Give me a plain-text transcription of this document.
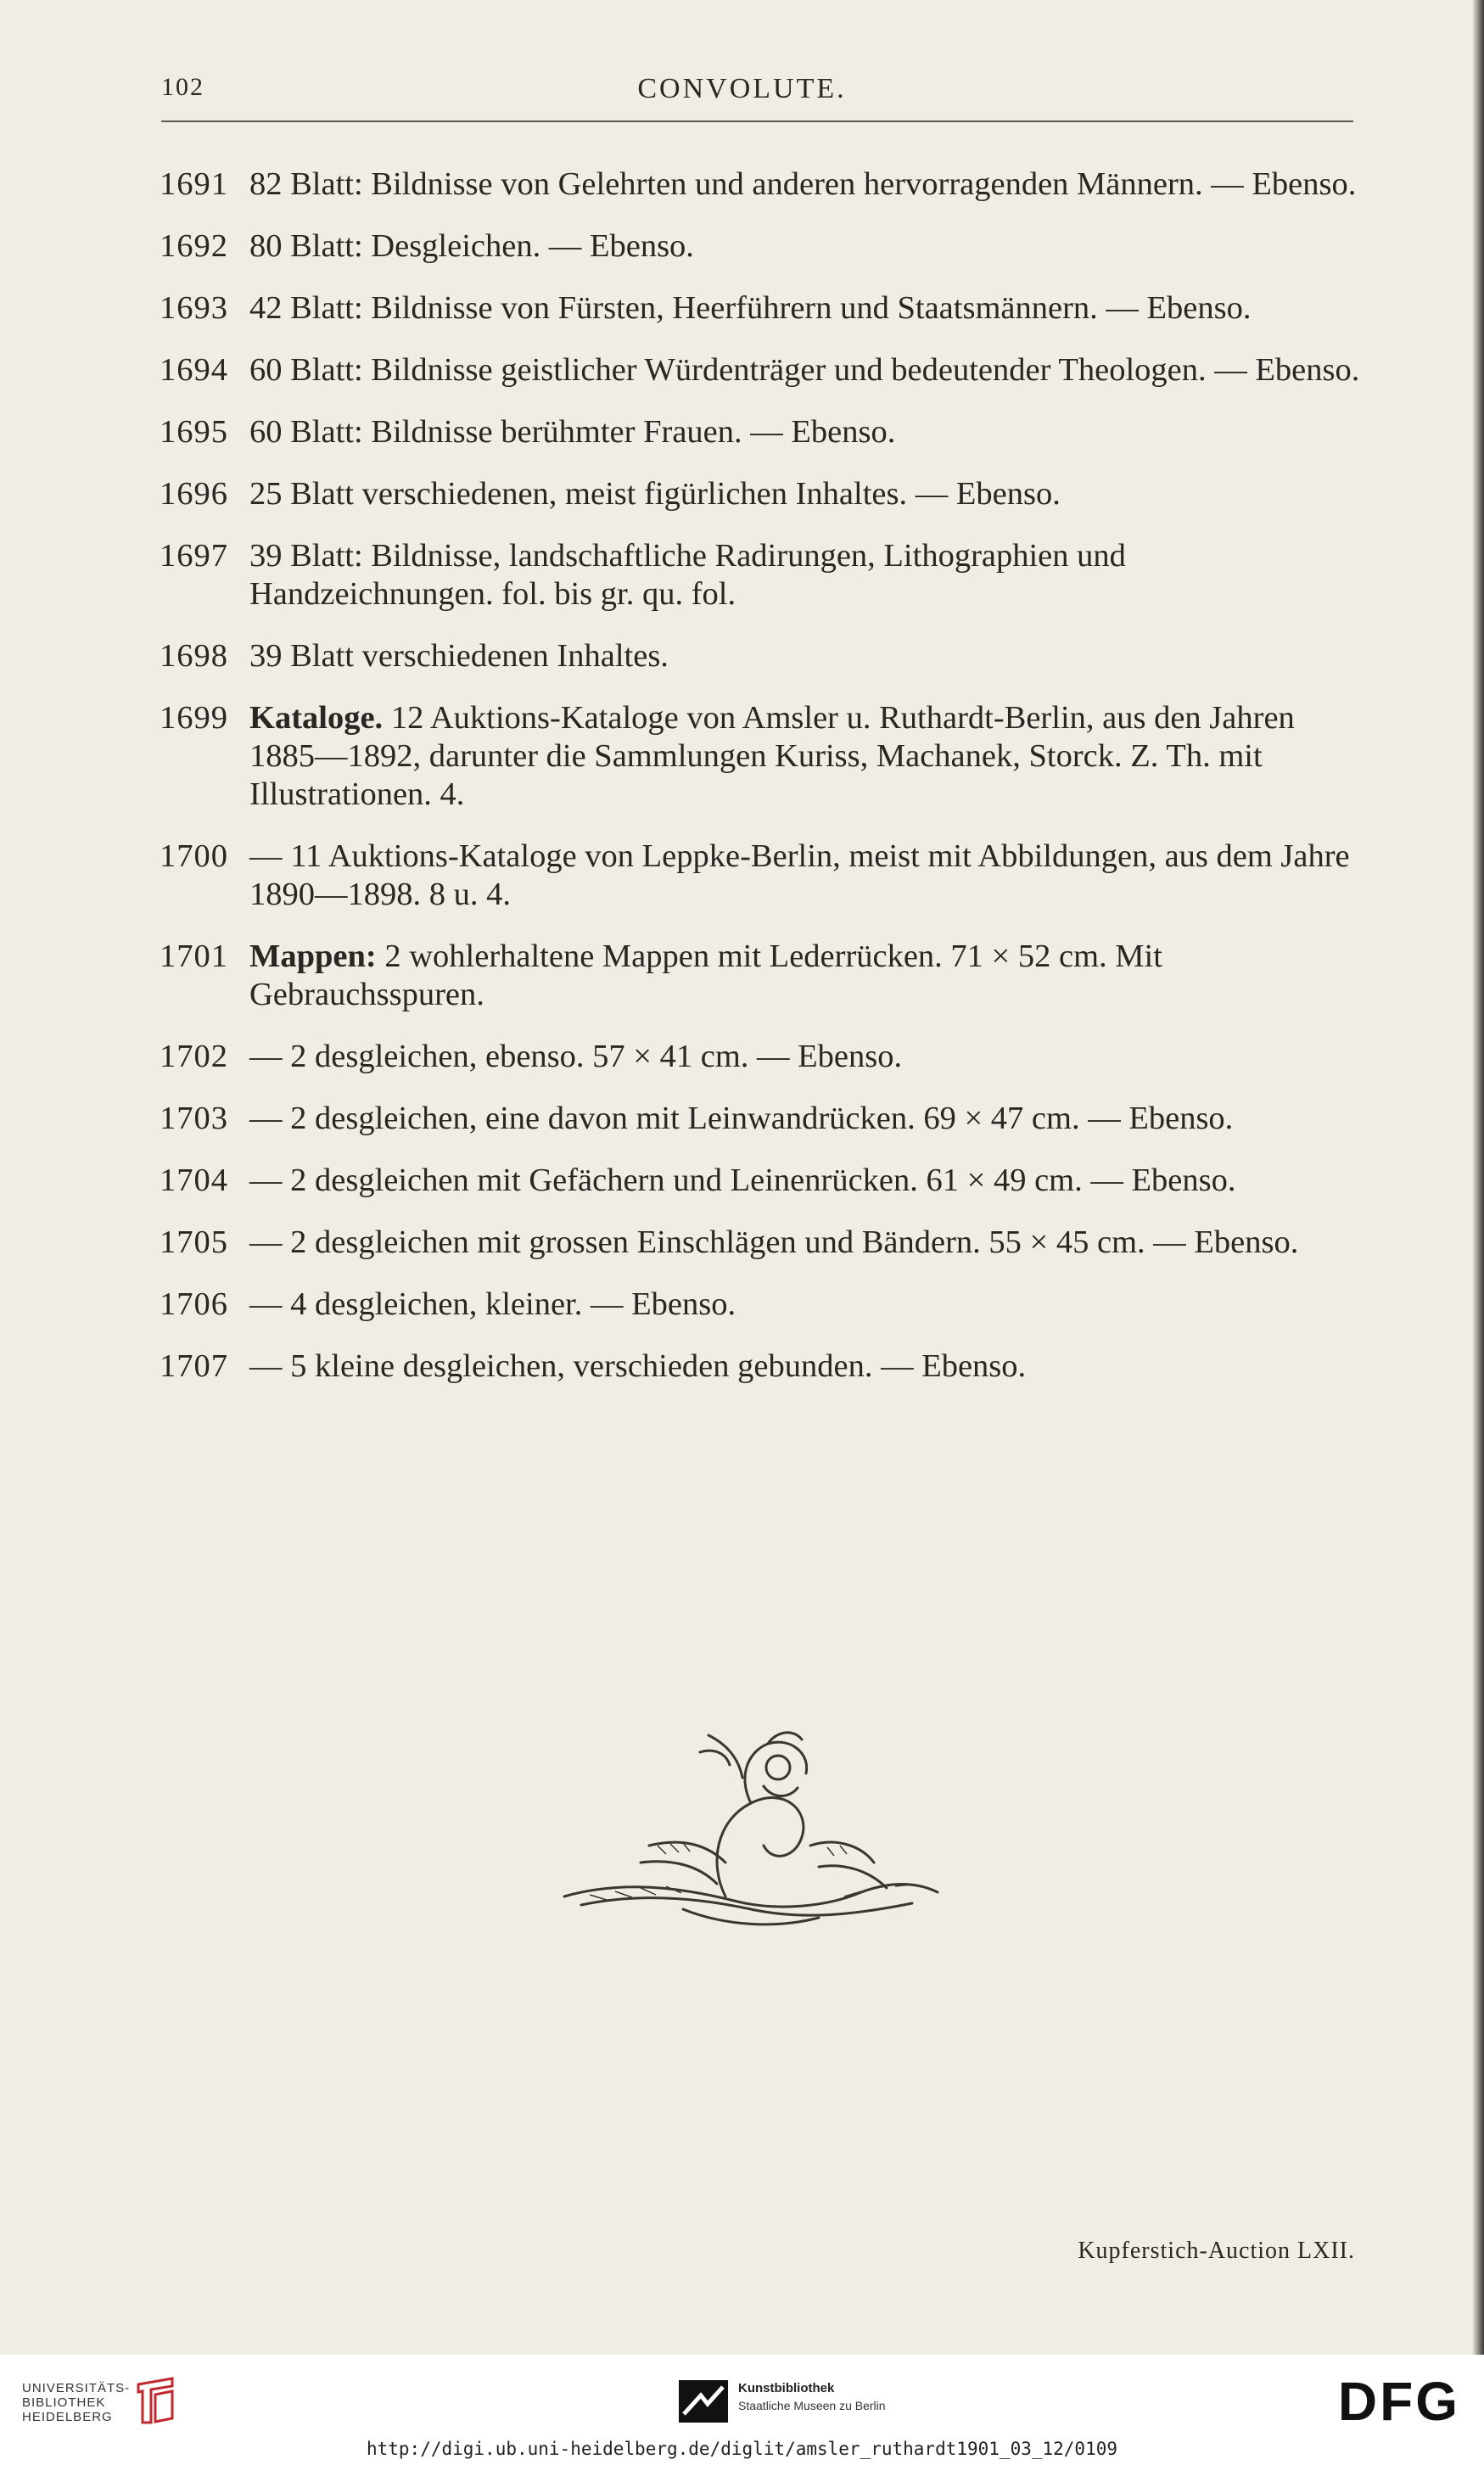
102	CONVOLUTE.
1691 82 Blatt: Bildnisse von Gelehrten und anderen hervorragenden Männern. — Ebenso.
1692 80 Blatt: Desgleichen. — Ebenso.
1693 42 Blatt: Bildnisse von Fürsten, Heerführern und Staatsmännern. — Ebenso.
1694 60 Blatt: Bildnisse geistlicher Würdenträger und bedeutender Theologen. — Ebenso.
1695 60 Blatt: Bildnisse berühmter Frauen. — Ebenso.
1696 25 Blatt verschiedenen, meist figürlichen Inhaltes. — Ebenso.
1697 39 Blatt: Bildnisse, landschaftliche Radirungen, Lithographien und Handzeichnungen. fol. bis gr. qu. fol.
1698 39 Blatt verschiedenen Inhaltes.
1699 Kataloge. 12 Auktions-Kataloge von Amsler u. Ruthardt-Berlin, aus den Jahren 1885—1892, darunter die Sammlungen Kuriss, Machanek, Storck. Z. Th. mit Illustrationen. 4.
1700 — 11 Auktions-Kataloge von Leppke-Berlin, meist mit Abbildungen, aus dem Jahre 1890—1898. 8 u. 4.
1701 Mappen: 2 wohlerhaltene Mappen mit Lederrücken. 71 × 52 cm. Mit Gebrauchsspuren.
1702 — 2 desgleichen, ebenso. 57 × 41 cm. — Ebenso.
1703 — 2 desgleichen, eine davon mit Leinwandrücken. 69 × 47 cm. — Ebenso.
1704 — 2 desgleichen mit Gefächern und Leinenrücken. 61 × 49 cm. — Ebenso.
1705 — 2 desgleichen mit grossen Einschlägen und Bändern. 55 × 45 cm. — Ebenso.
1706 — 4 desgleichen, kleiner. — Ebenso.
1707 — 5 kleine desgleichen, verschieden gebunden. — Ebenso.
Kupferstich-Auction LXII.
UNIVERSITÄTS-
BIBLIOTHEK
HEIDELBERG
Kunstbibliothek
Staatliche Museen zu Berlin	DFG
http://digi.ub.uni-heidelberg.de/diglit/amsler_ruthardt1901_03_12/0109
